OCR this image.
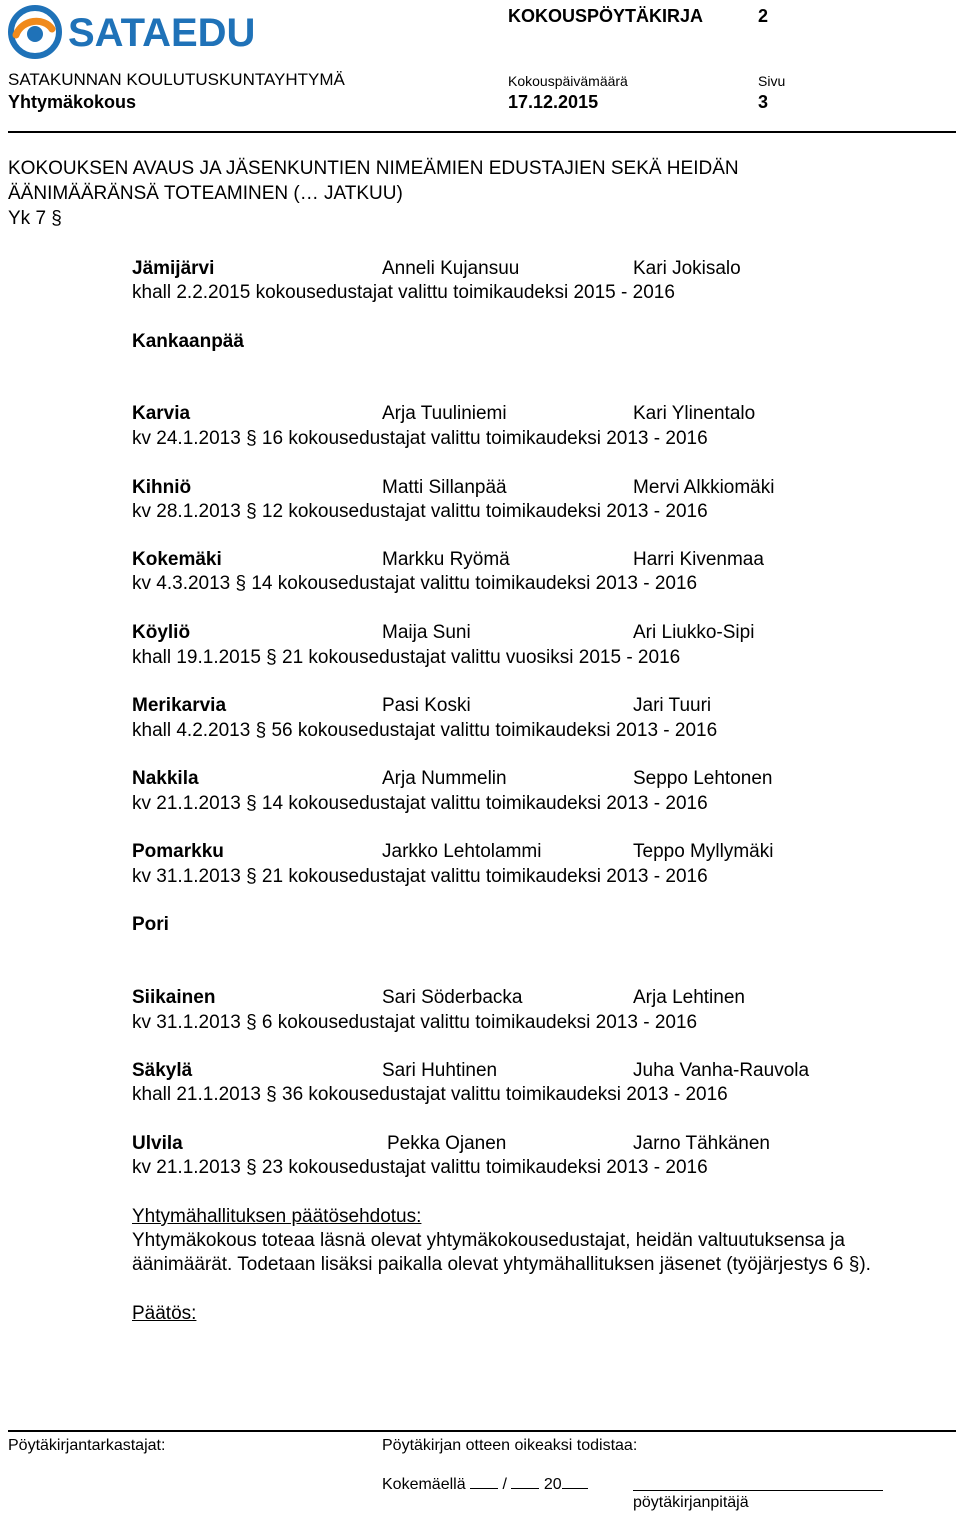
SATAEDU	KOKOUSPÖYTÄKIRJA	2
SATAKUNNAN KOULUTUSKUNTAYHTYMÄ	Kokouspäivämäärä	Sivu
Yhtymäkokous	17.12.2015	3
KOKOUKSEN AVAUS JA JÄSENKUNTIEN NIMEÄMIEN EDUSTAJIEN SEKÄ HEIDÄN
ÄÄNIMÄÄRÄNSÄ TOTEAMINEN (… JATKUU)
Yk 7 §
Jämijärvi	Anneli Kujansuu	Kari Jokisalo
khall 2.2.2015 kokousedustajat valittu toimikaudeksi 2015 - 2016
Kankaanpää
Karvia	Arja Tuuliniemi	Kari Ylinentalo
kv 24.1.2013 § 16 kokousedustajat valittu toimikaudeksi 2013 - 2016
Kihniö	Matti Sillanpää	Mervi Alkkiomäki
kv 28.1.2013 § 12 kokousedustajat valittu toimikaudeksi 2013 - 2016
Kokemäki	Markku Ryömä	Harri Kivenmaa
kv 4.3.2013 § 14 kokousedustajat valittu toimikaudeksi 2013 - 2016
Köyliö	Maija Suni	Ari Liukko-Sipi
khall 19.1.2015 § 21 kokousedustajat valittu vuosiksi 2015 - 2016
Merikarvia	Pasi Koski	Jari Tuuri
khall 4.2.2013 § 56 kokousedustajat valittu toimikaudeksi 2013 - 2016
Nakkila	Arja Nummelin	Seppo Lehtonen
kv 21.1.2013 § 14 kokousedustajat valittu toimikaudeksi 2013 - 2016
Pomarkku	Jarkko Lehtolammi	Teppo Myllymäki
kv 31.1.2013 § 21 kokousedustajat valittu toimikaudeksi 2013 - 2016
Pori
Siikainen	Sari Söderbacka	Arja Lehtinen
kv 31.1.2013 § 6 kokousedustajat valittu toimikaudeksi 2013 - 2016
Säkylä	Sari Huhtinen	Juha Vanha-Rauvola
khall 21.1.2013 § 36 kokousedustajat valittu toimikaudeksi 2013 - 2016
Ulvila	Pekka Ojanen	Jarno Tähkänen
kv 21.1.2013 § 23 kokousedustajat valittu toimikaudeksi 2013 - 2016
Yhtymähallituksen päätösehdotus:
Yhtymäkokous toteaa läsnä olevat yhtymäkokousedustajat, heidän valtuutuksensa ja
äänimäärät. Todetaan lisäksi paikalla olevat yhtymähallituksen jäsenet (työjärjestys 6 §).
Päätös:
Pöytäkirjantarkastajat:	Pöytäkirjan otteen oikeaksi todistaa:
Kokemäellä / 20
pöytäkirjanpitäjä
